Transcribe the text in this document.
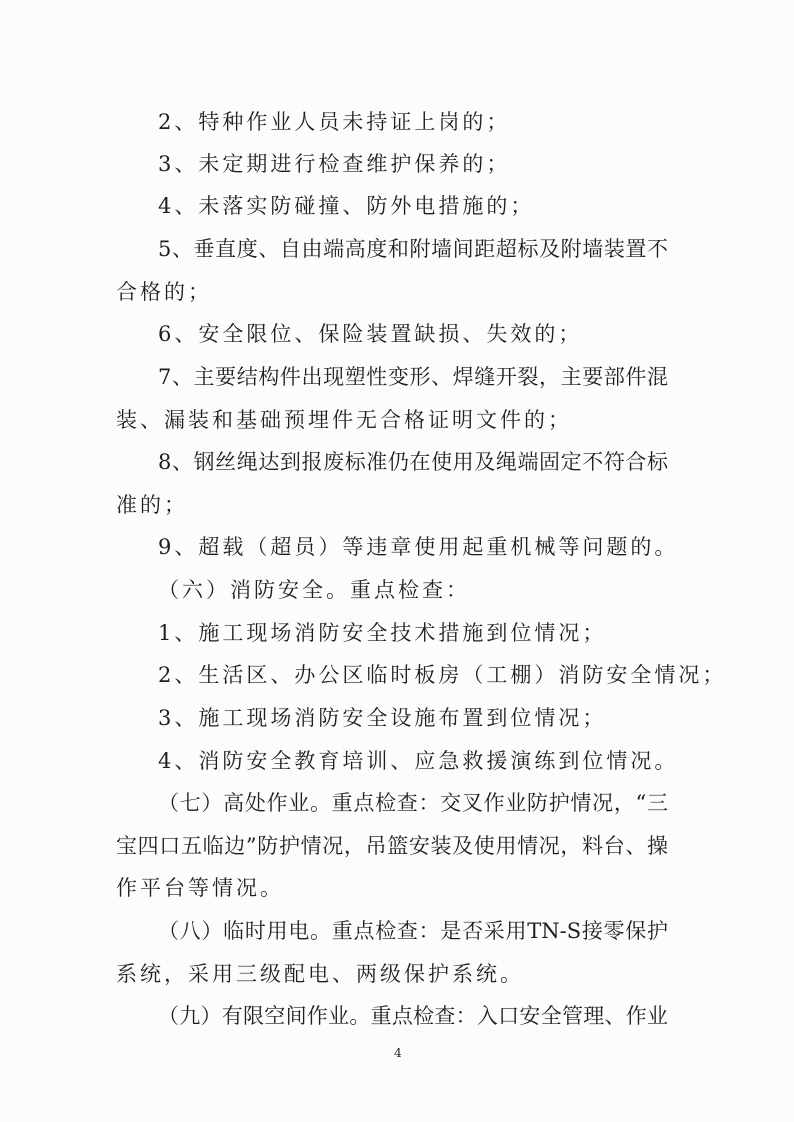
2、特种作业人员未持证上岗的；
3、未定期进行检查维护保养的；
4、未落实防碰撞、防外电措施的；
5、垂直度、自由端高度和附墙间距超标及附墙装置不
合格的；
6、安全限位、保险装置缺损、失效的；
7、主要结构件出现塑性变形、焊缝开裂，主要部件混
装、漏装和基础预埋件无合格证明文件的；
8、钢丝绳达到报废标准仍在使用及绳端固定不符合标
准的；
9、超载（超员）等违章使用起重机械等问题的。
（六）消防安全。重点检查：
1、施工现场消防安全技术措施到位情况；
2、生活区、办公区临时板房（工棚）消防安全情况；
3、施工现场消防安全设施布置到位情况；
4、消防安全教育培训、应急救援演练到位情况。
（七）高处作业。重点检查：交叉作业防护情况，“三
宝四口五临边”防护情况，吊篮安装及使用情况，料台、操
作平台等情况。
（八）临时用电。重点检查：是否采用TN-S接零保护
系统，采用三级配电、两级保护系统。
（九）有限空间作业。重点检查：入口安全管理、作业
4
